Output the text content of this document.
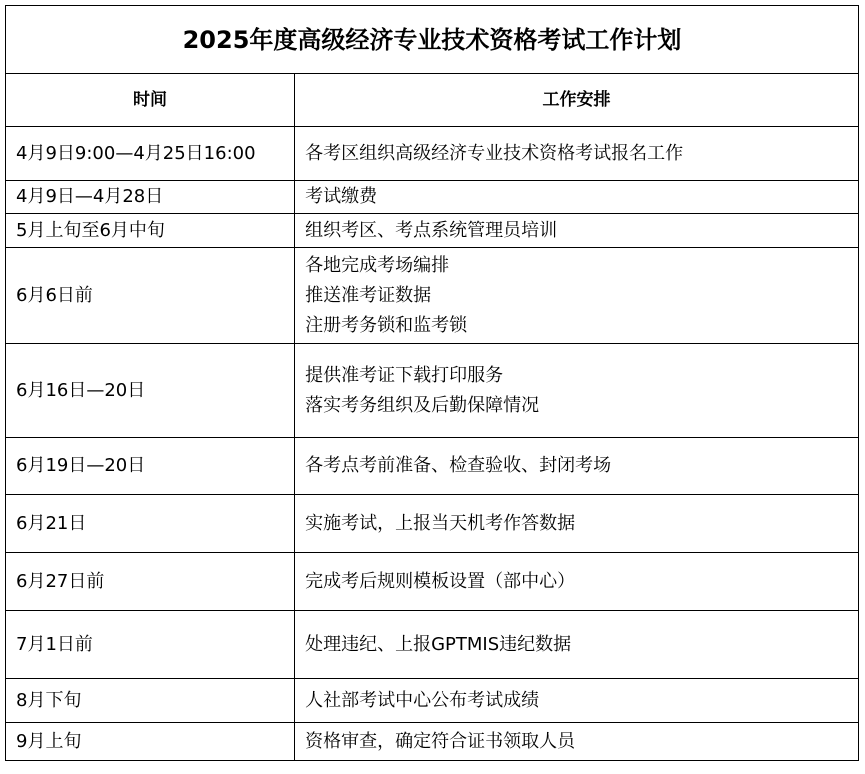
2025年度高级经济专业技术资格考试工作计划	
时间	工作安排
4月9日9:00—4月25日16:00	各考区组织高级经济专业技术资格考试报名工作

4月9日—4月28日	考试缴费

5月上旬至6月中旬	组织考区、考点系统管理员培训

6月6日前	各地完成考场编排
推送准考证数据
注册考务锁和监考锁

6月16日—20日	提供准考证下载打印服务
落实考务组织及后勤保障情况

6月19日—20日	各考点考前准备、检查验收、封闭考场

6月21日	实施考试，上报当天机考作答数据

6月27日前	完成考后规则模板设置（部中心）

7月1日前	处理违纪、上报GPTMIS违纪数据

8月下旬	人社部考试中心公布考试成绩

9月上旬	资格审查，确定符合证书领取人员
